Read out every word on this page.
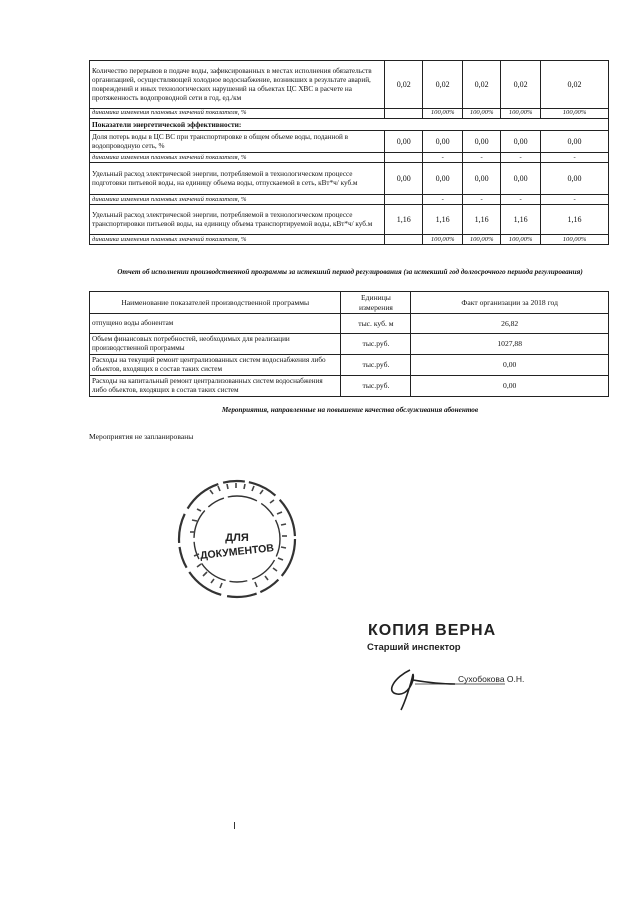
Количество перерывов в подаче воды, зафиксированных в местах исполнения обязательств организацией, осуществляющей холодное водоснабжение, возникших в результате аварий, повреждений и иных технологических нарушений на объектах ЦС ХВС в расчете на протяженность водопроводной сети в год, ед./км	0,02	0,02	0,02	0,02	0,02
динамика изменения плановых значений показателя, %		100,00%	100,00%	100,00%	100,00%
Показатели энергетической эффективности:					
Доля потерь воды в ЦС ВС при транспортировке в общем объеме воды, поданной в водопроводную сеть, %	0,00	0,00	0,00	0,00	0,00
динамика изменения плановых значений показателя, %		-	-	-	-
Удельный расход электрической энергии, потребляемой в технологическом процессе подготовки питьевой воды, на единицу объема воды, отпускаемой в сеть, кВт*ч/ куб.м	0,00	0,00	0,00	0,00	0,00
динамика изменения плановых значений показателя, %		-	-	-	-
Удельный расход электрической энергии, потребляемой в технологическом процессе транспортировки питьевой воды, на единицу объема транспортируемой воды, кВт*ч/ куб.м	1,16	1,16	1,16	1,16	1,16
динамика изменения плановых значений показателя, %		100,00%	100,00%	100,00%	100,00%
Отчет об исполнении производственной программы за истекший период регулирования (за истекший год долгосрочного периода регулирования)
Наименование показателей производственной программы	Единицы измерения	Факт организации за 2018 год
отпущено воды абонентам	тыс. куб. м	26,82
Объем финансовых потребностей, необходимых для реализации производственной программы	тыс.руб.	1027,88
Расходы на текущий ремонт централизованных систем водоснабжения либо объектов, входящих в состав таких систем	тыс.руб.	0,00
Расходы на капитальный ремонт централизованных систем водоснабжения либо объектов, входящих в состав таких систем	тыс.руб.	0,00
Мероприятия, направленные на повышение качества обслуживания абонентов
Мероприятия не запланированы
ДЛЯ
ДОКУМЕНТОВ
КОПИЯ ВЕРНА
Старший инспектор
Сухобокова О.Н.
